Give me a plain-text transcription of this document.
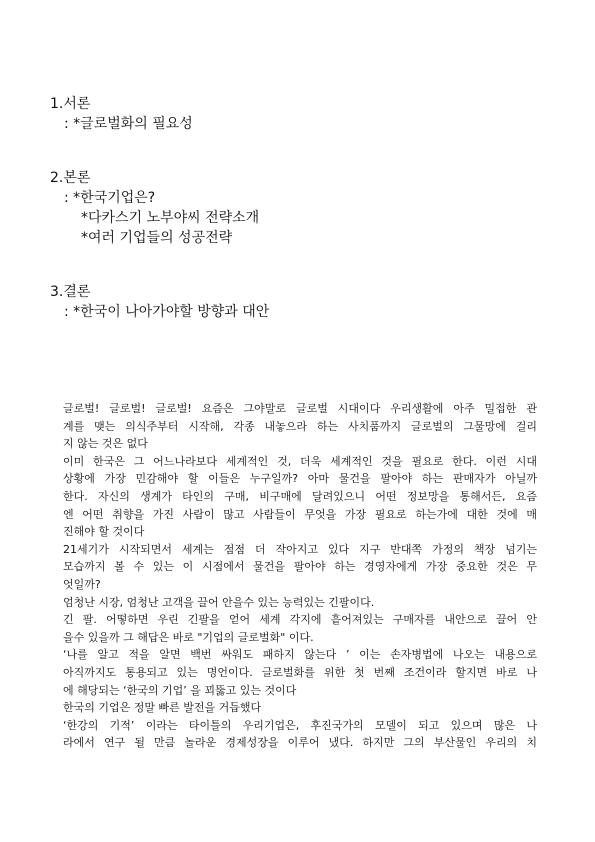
1.서론
: *글로벌화의 필요성
2.본론
: *한국기업은?
*다카스기 노부야씨 전략소개
*여러 기업들의 성공전략
3.결론
: *한국이 나아가야할 방향과 대안
글로벌! 글로벌! 글로벌! 요즘은 그야말로 글로벌 시대이다 우리생활에 아주 밀접한 관
계를 맺는 의식주부터 시작해, 각종 내놓으라 하는 사치품까지 글로벌의 그물망에 걸리
지 않는 것은 없다
이미 한국은 그 어느나라보다 세계적인 것, 더욱 세계적인 것을 필요로 한다. 이런 시대
상황에 가장 민감해야 할 이들은 누구일까? 아마 물건을 팔아야 하는 판매자가 아닐까
한다. 자신의 생계가 타인의 구매, 비구매에 달려있으니 어떤 정보망을 통해서든, 요즘
엔 어떤 취향을 가진 사람이 많고 사람들이 무엇을 가장 필요로 하는가에 대한 것에 매
진해야 할 것이다
21세기가 시작되면서 세계는 점점 더 작아지고 있다 지구 반대쪽 가정의 책장 넘기는
모습까지 볼 수 있는 이 시점에서 물건을 팔아야 하는 경영자에게 가장 중요한 것은 무
엇일까?
엄청난 시장, 엄청난 고객을 끌어 안을수 있는 능력있는 긴팔이다.
긴 팔. 어떻하면 우린 긴팔을 얻어 세계 각지에 흩어져있는 구매자를 내안으로 끌어 안
을수 있을까 그 해답은 바로 "기업의 글로벌화" 이다.
‘나를 알고 적을 알면 백번 싸워도 패하지 않는다 ’ 이는 손자병법에 나오는 내용으로
아직까지도 통용되고 있는 명언이다. 글로벌화를 위한 첫 번째 조건이라 할지면 바로 나
에 해당되는 ‘한국의 기업’ 을 꾀뚫고 있는 것이다
한국의 기업은 정말 빠른 발전을 거듭했다
‘한강의 기적’ 이라는 타이틀의 우리기업은, 후진국가의 모델이 되고 있으며 많은 나
라에서 연구 될 만큼 놀라운 경제성장을 이루어 냈다. 하지만 그의 부산물인 우리의 치
